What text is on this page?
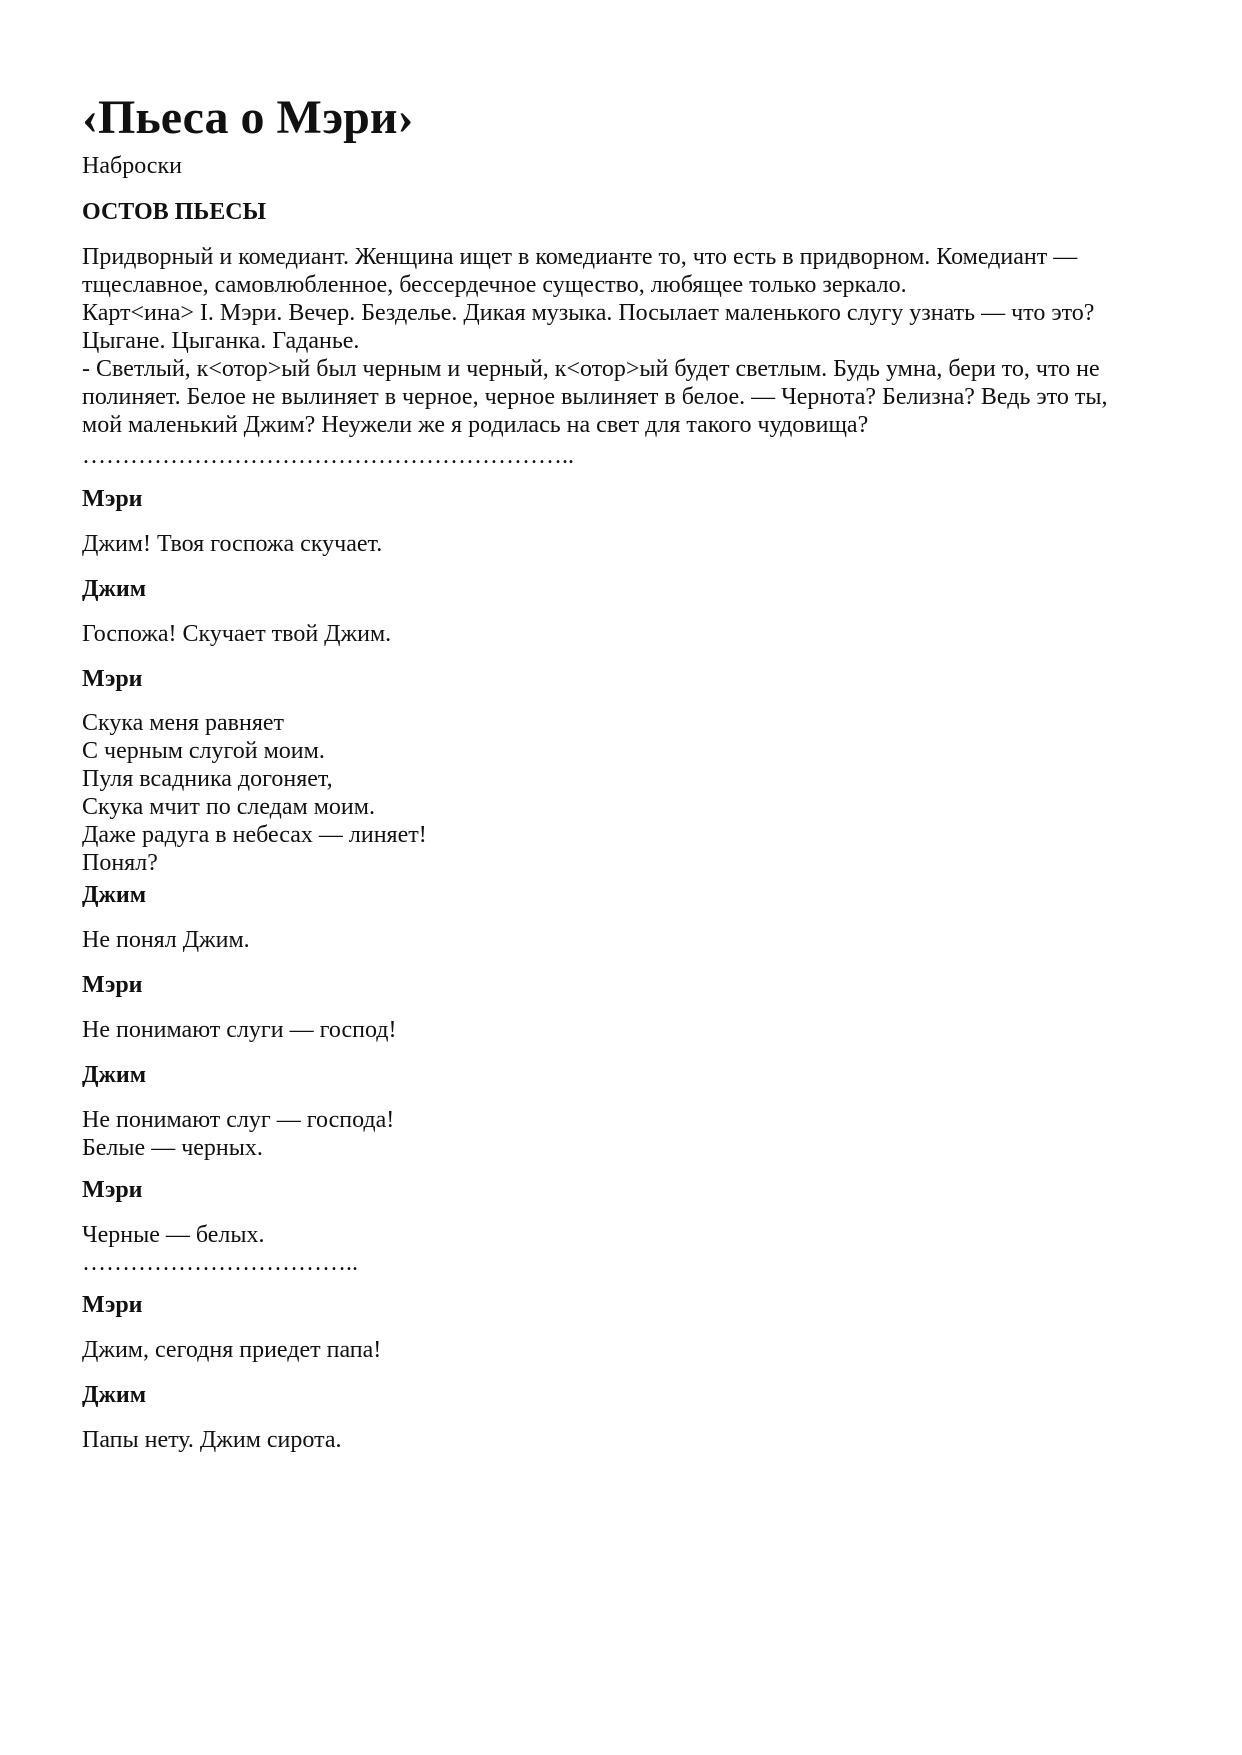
‹Пьеса о Мэри›

Наброски

ОСТОВ ПЬЕСЫ

Придворный и комедиант. Женщина ищет в комедианте то, что есть в придворном. Комедиант —
тщеславное, самовлюбленное, бессердечное существо, любящее только зеркало.
Карт<ина> I. Мэри. Вечер. Безделье. Дикая музыка. Посылает маленького слугу узнать — что это?
Цыгане. Цыганка. Гаданье.
- Светлый, к<отор>ый был черным и черный, к<отор>ый будет светлым. Будь умна, бери то, что не
полиняет. Белое не вылиняет в черное, черное вылиняет в белое. — Чернота? Белизна? Ведь это ты,
мой маленький Джим? Неужели же я родилась на свет для такого чудовища?

……………………………………………………..

Мэри

Джим! Твоя госпожа скучает.

Джим

Госпожа! Скучает твой Джим.

Мэри

Скука меня равняет
С черным слугой моим.
Пуля всадника догоняет,
Скука мчит по следам моим.
Даже радуга в небесах — линяет!
Понял?

Джим

Не понял Джим.

Мэри

Не понимают слуги — господ!

Джим

Не понимают слуг — господа!
Белые — черных.

Мэри

Черные — белых.
……………………………..

Мэри

Джим, сегодня приедет папа!

Джим

Папы нету. Джим сирота.
